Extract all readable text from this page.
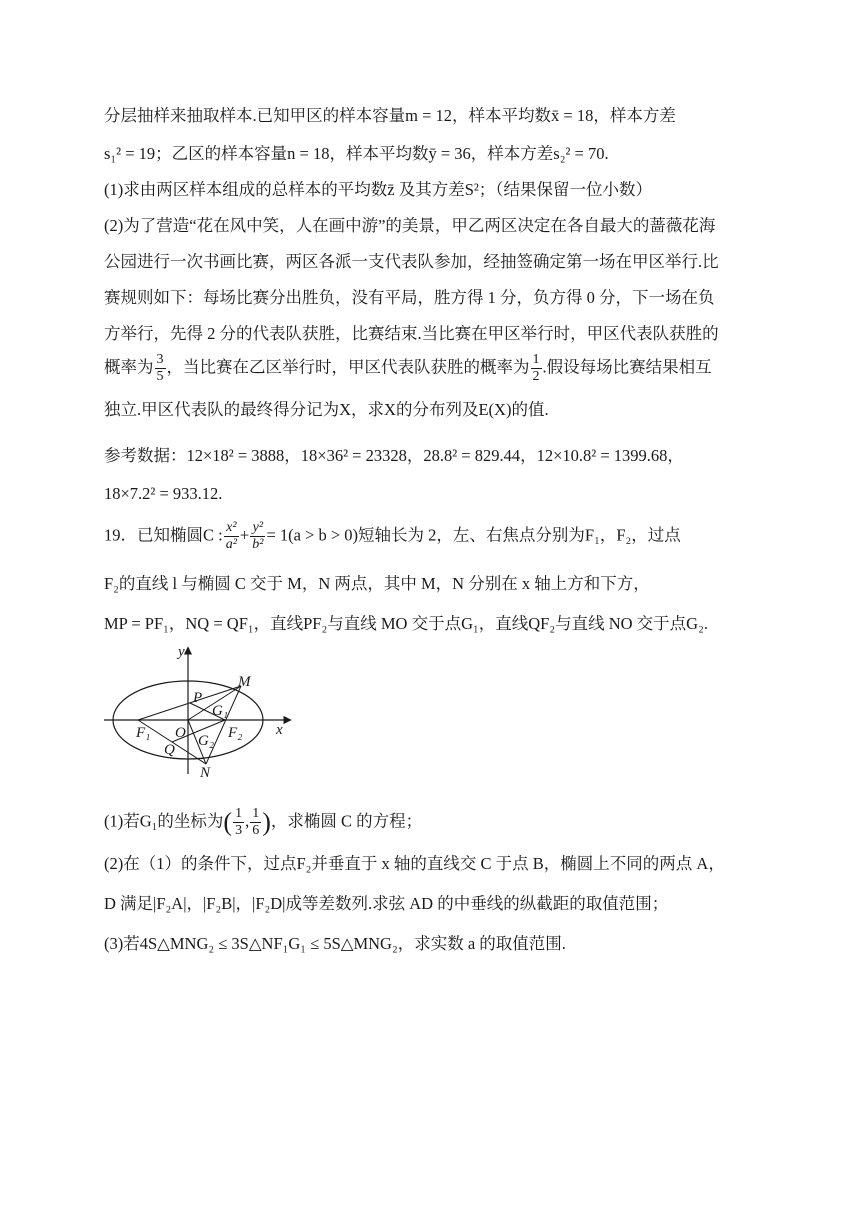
分层抽样来抽取样本.已知甲区的样本容量m = 12，样本平均数x̄ = 18，样本方差
s₁² = 19；乙区的样本容量n = 18，样本平均数ȳ = 36，样本方差s₂² = 70.
(1)求由两区样本组成的总样本的平均数z̄ 及其方差S²；（结果保留一位小数）
(2)为了营造“花在风中笑，人在画中游”的美景，甲乙两区决定在各自最大的蔷薇花海
公园进行一次书画比赛，两区各派一支代表队参加，经抽签确定第一场在甲区举行.比
赛规则如下：每场比赛分出胜负，没有平局，胜方得 1 分，负方得 0 分，下一场在负
方举行，先得 2 分的代表队获胜，比赛结束.当比赛在甲区举行时，甲区代表队获胜的
概率为 $\frac{3}{5}$ ，当比赛在乙区举行时，甲区代表队获胜的概率为 $\frac{1}{2}$ .假设每场比赛结果相互
独立.甲区代表队的最终得分记为X，求X的分布列及E(X)的值.
参考数据：12×18² = 3888，18×36² = 23328，28.8² = 829.44，12×10.8² = 1399.68，
18×7.2² = 933.12.
19．已知椭圆C : $\frac{\text{x²}}{\text{a²}} + \frac{\text{y²}}{\text{b²}} = 1(a > b > 0)$短轴长为 2，左、右焦点分别为F₁，F₂，过点
F₂的直线 l 与椭圆 C 交于 M，N 两点，其中 M，N 分别在 x 轴上方和下方，
MP = PF₁，NQ = QF₁，直线PF₂与直线 MO 交于点G₁，直线QF₂与直线 NO 交于点G₂.
y
x
M
P
G₁
F₁ O G₂ F₂
Q
N
(1)若G₁的坐标为( $\frac{1}{3}$ , $\frac{1}{6}$ )，求椭圆 C 的方程；
(2)在（1）的条件下，过点F₂并垂直于 x 轴的直线交 C 于点 B，椭圆上不同的两点 A，
D 满足|F₂A|，|F₂B|，|F₂D|成等差数列.求弦 AD 的中垂线的纵截距的取值范围；
(3)若4S△MNG₂ ≤ 3S△NF₁G₁ ≤ 5S△MNG₂，求实数 a 的取值范围.
